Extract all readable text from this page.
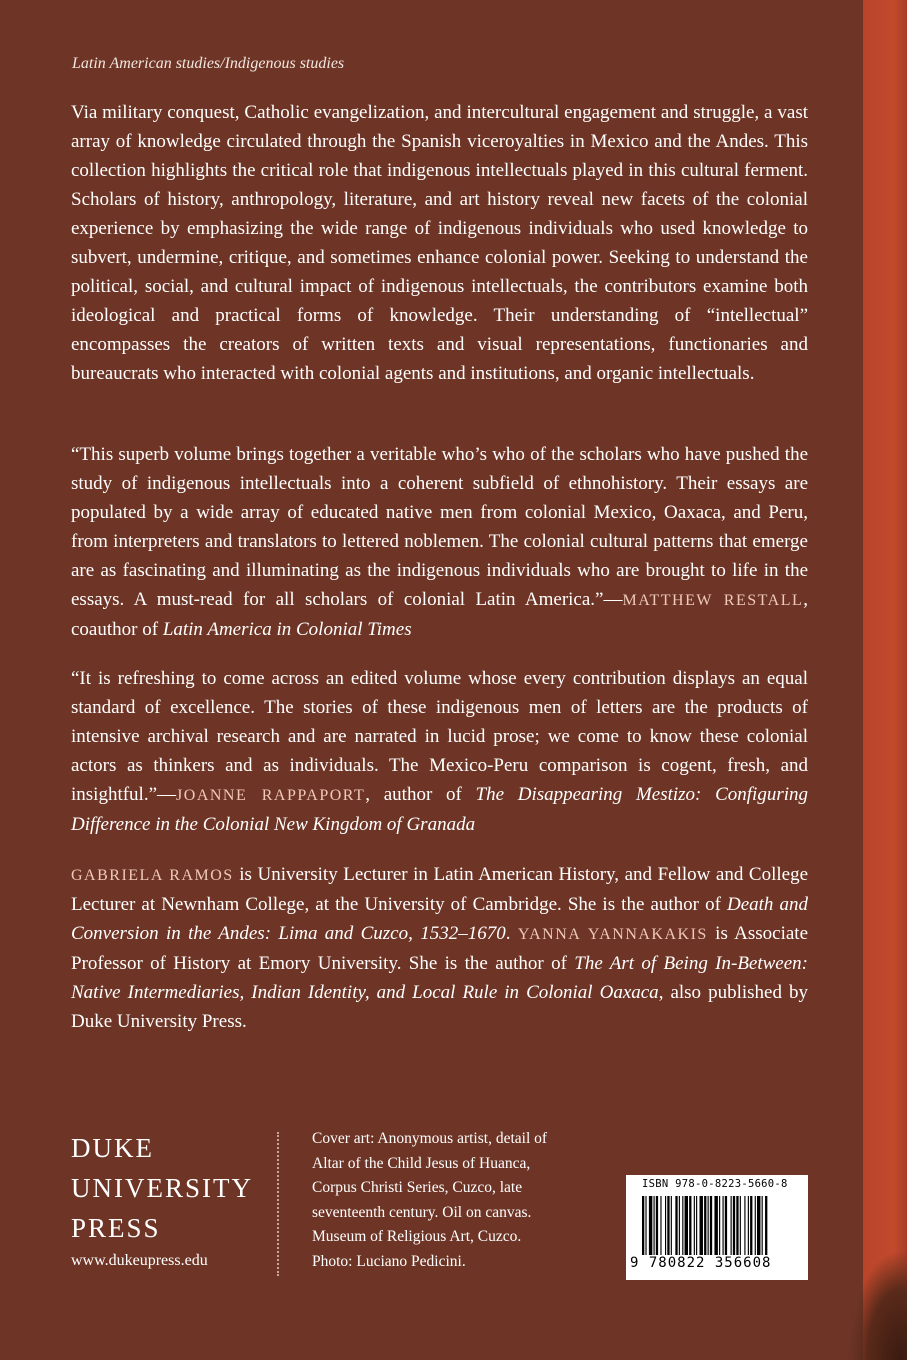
Latin American studies/Indigenous studies

Via military conquest, Catholic evangelization, and intercultural engagement and struggle, a vast array of knowledge circulated through the Spanish viceroyalties in Mexico and the Andes. This collection highlights the critical role that indigenous intellectuals played in this cultural ferment. Scholars of history, anthropology, literature, and art history reveal new facets of the colonial experience by emphasizing the wide range of indigenous individuals who used knowledge to subvert, undermine, critique, and sometimes enhance colonial power. Seeking to understand the political, social, and cultural impact of indigenous intellectuals, the contributors examine both ideological and practical forms of knowledge. Their understanding of “intellectual” encompasses the creators of written texts and visual representations, functionaries and bureaucrats who interacted with colonial agents and institutions, and organic intellectuals.

“This superb volume brings together a veritable who’s who of the scholars who have pushed the study of indigenous intellectuals into a coherent subfield of ethnohistory. Their essays are populated by a wide array of educated native men from colonial Mexico, Oaxaca, and Peru, from interpreters and translators to lettered noblemen. The colonial cultural patterns that emerge are as fascinating and illuminating as the indigenous individuals who are brought to life in the essays. A must-read for all scholars of colonial Latin America.”—MATTHEW RESTALL, coauthor of Latin America in Colonial Times

“It is refreshing to come across an edited volume whose every contribution displays an equal standard of excellence. The stories of these indigenous men of letters are the products of intensive archival research and are narrated in lucid prose; we come to know these colonial actors as thinkers and as individuals. The Mexico-Peru comparison is cogent, fresh, and insightful.”—JOANNE RAPPAPORT, author of The Disappearing Mestizo: Configuring Difference in the Colonial New Kingdom of Granada

GABRIELA RAMOS is University Lecturer in Latin American History, and Fellow and College Lecturer at Newnham College, at the University of Cambridge. She is the author of Death and Conversion in the Andes: Lima and Cuzco, 1532–1670. YANNA YANNAKAKIS is Associate Professor of History at Emory University. She is the author of The Art of Being In-Between: Native Intermediaries, Indian Identity, and Local Rule in Colonial Oaxaca, also published by Duke University Press.

DUKE
UNIVERSITY
PRESS
www.dukeupress.edu
Cover art: Anonymous artist, detail of Altar of the Child Jesus of Huanca, Corpus Christi Series, Cuzco, late seventeenth century. Oil on canvas. Museum of Religious Art, Cuzco. Photo: Luciano Pedicini.
ISBN 978-0-8223-5660-8
9 780822 356608
